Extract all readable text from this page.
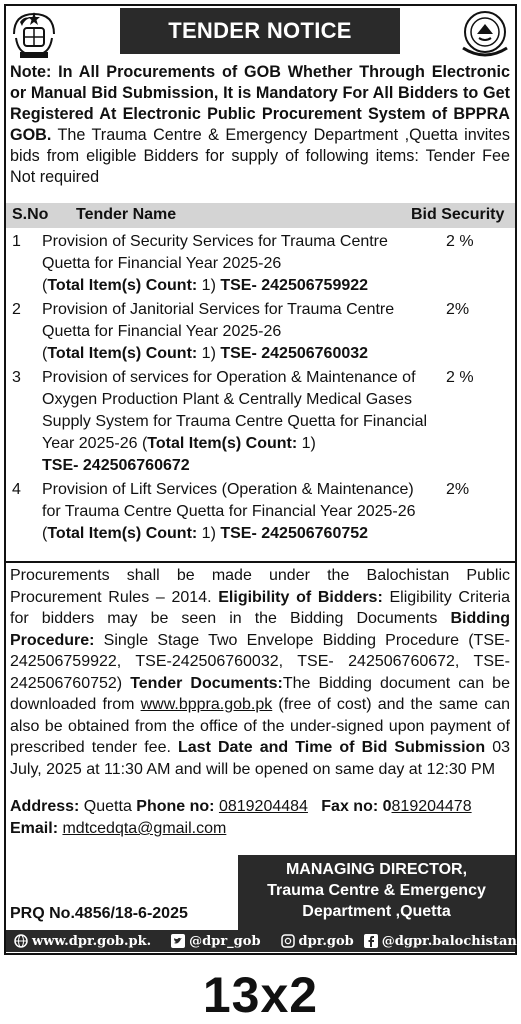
TENDER NOTICE
Note: In All Procurements of GOB Whether Through Electronic or Manual Bid Submission, It is Mandatory For All Bidders to Get Registered At Electronic Public Procurement System of BPPRA GOB. The Trauma Centre & Emergency Department ,Quetta invites bids from eligible Bidders for supply of following items: Tender Fee Not required
S.No Tender Name	Bid Security
1 Provision of Security Services for Trauma Centre Quetta for Financial Year 2025-26
(Total Item(s) Count: 1) TSE- 242506759922
2 %
2 Provision of Janitorial Services for Trauma Centre Quetta for Financial Year 2025-26
(Total Item(s) Count: 1) TSE- 242506760032
2%
3 Provision of services for Operation & Maintenance of Oxygen Production Plant & Centrally Medical Gases Supply System for Trauma Centre Quetta for Financial Year 2025-26 (Total Item(s) Count: 1)
TSE- 242506760672
2 %
4 Provision of Lift Services (Operation & Maintenance) for Trauma Centre Quetta for Financial Year 2025-26
(Total Item(s) Count: 1) TSE- 242506760752
2%
Procurements shall be made under the Balochistan Public Procurement Rules – 2014. Eligibility of Bidders: Eligibility Criteria for bidders may be seen in the Bidding Documents Bidding Procedure: Single Stage Two Envelope Bidding Procedure (TSE-242506759922, TSE-242506760032, TSE- 242506760672, TSE-242506760752) Tender Documents:The Bidding document can be downloaded from www.bppra.gob.pk (free of cost) and the same can also be obtained from the office of the under-signed upon payment of prescribed tender fee. Last Date and Time of Bid Submission 03 July, 2025 at 11:30 AM and will be opened on same day at 12:30 PM
Address: Quetta Phone no: 0819204484 Fax no: 0819204478
Email: mdtcedqta@gmail.com
MANAGING DIRECTOR,
Trauma Centre & Emergency
Department ,Quetta
PRQ No.4856/18-6-2025
www.dpr.gob.pk.	@dpr_gob	dpr.gob @dgpr.balochistan
13x2
